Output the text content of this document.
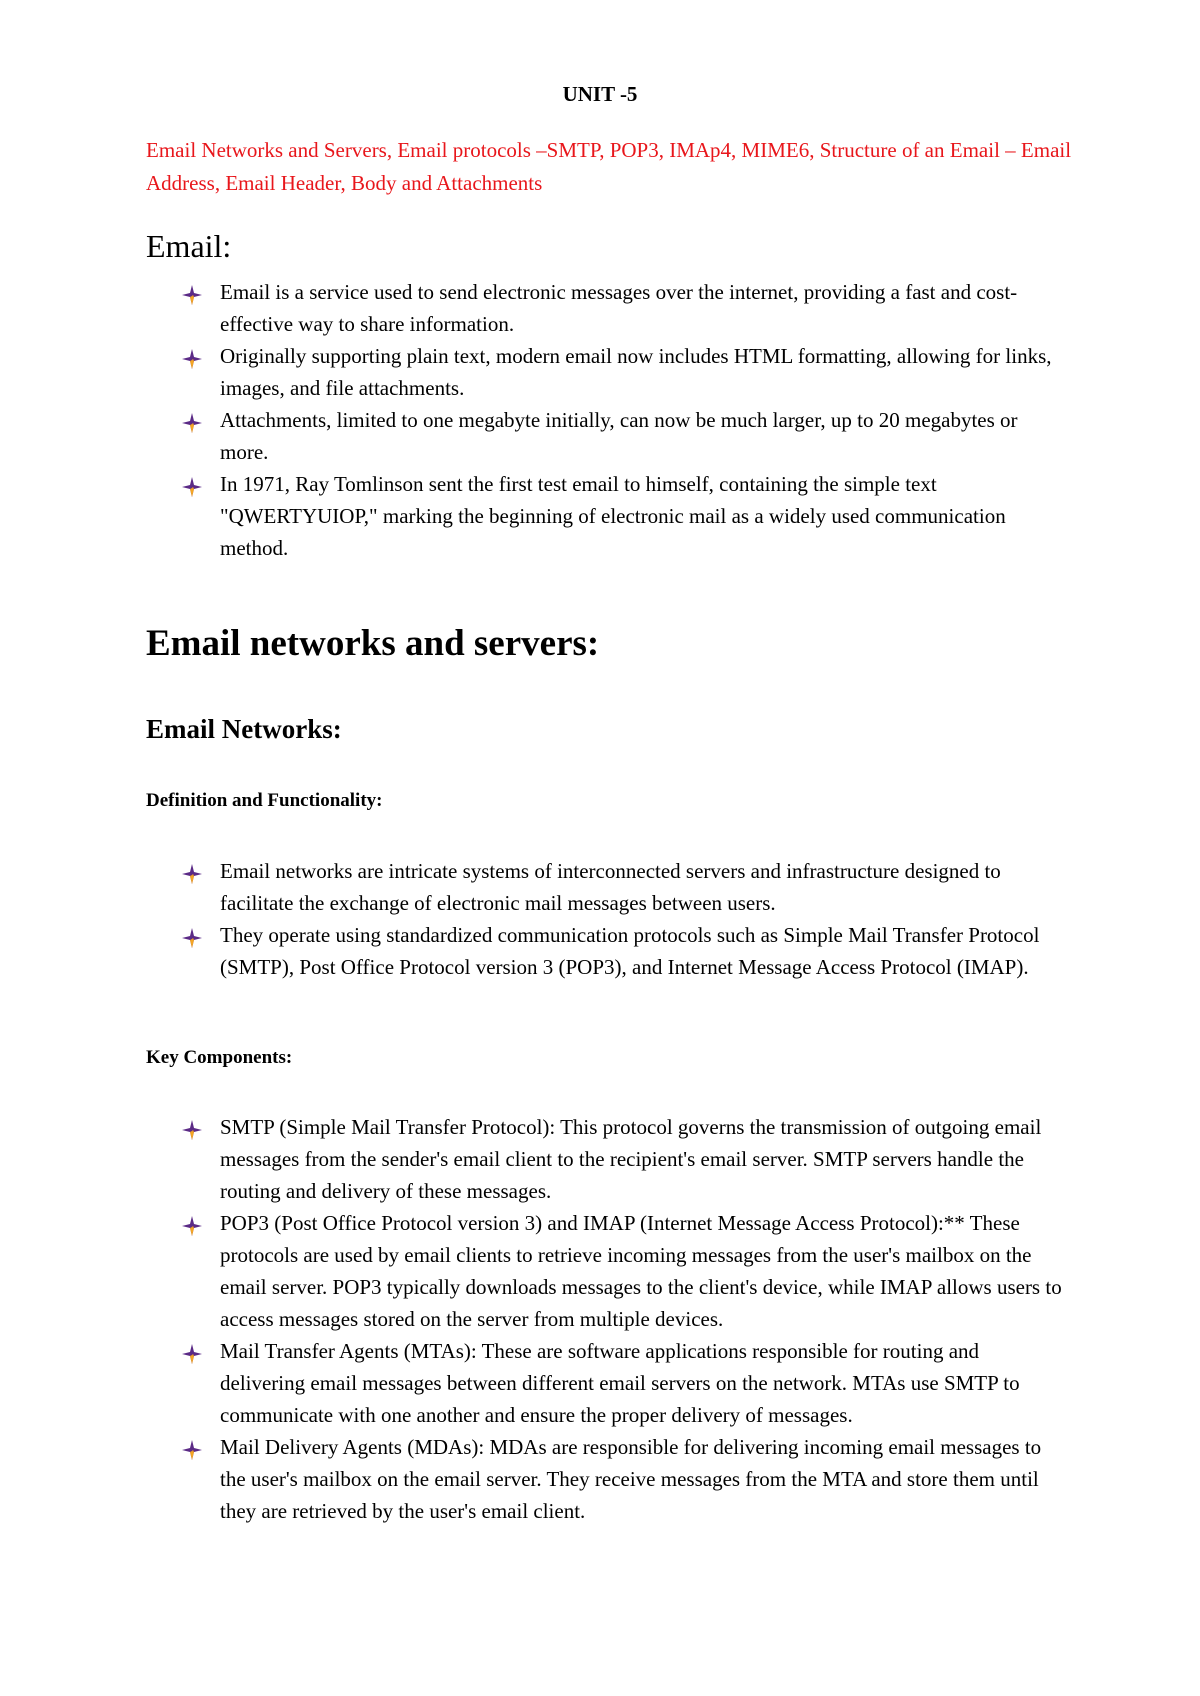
UNIT -5
Email Networks and Servers, Email protocols –SMTP, POP3, IMAp4, MIME6, Structure of an Email – Email Address, Email Header, Body and Attachments
Email:
Email is a service used to send electronic messages over the internet, providing a fast and cost-effective way to share information.
Originally supporting plain text, modern email now includes HTML formatting, allowing for links, images, and file attachments.
Attachments, limited to one megabyte initially, can now be much larger, up to 20 megabytes or more.
In 1971, Ray Tomlinson sent the first test email to himself, containing the simple text "QWERTYUIOP," marking the beginning of electronic mail as a widely used communication method.
Email networks and servers:
Email Networks:
Definition and Functionality:
Email networks are intricate systems of interconnected servers and infrastructure designed to facilitate the exchange of electronic mail messages between users.
They operate using standardized communication protocols such as Simple Mail Transfer Protocol (SMTP), Post Office Protocol version 3 (POP3), and Internet Message Access Protocol (IMAP).
Key Components:
SMTP (Simple Mail Transfer Protocol): This protocol governs the transmission of outgoing email messages from the sender's email client to the recipient's email server. SMTP servers handle the routing and delivery of these messages.
POP3 (Post Office Protocol version 3) and IMAP (Internet Message Access Protocol):** These protocols are used by email clients to retrieve incoming messages from the user's mailbox on the email server. POP3 typically downloads messages to the client's device, while IMAP allows users to access messages stored on the server from multiple devices.
Mail Transfer Agents (MTAs): These are software applications responsible for routing and delivering email messages between different email servers on the network. MTAs use SMTP to communicate with one another and ensure the proper delivery of messages.
Mail Delivery Agents (MDAs): MDAs are responsible for delivering incoming email messages to the user's mailbox on the email server. They receive messages from the MTA and store them until they are retrieved by the user's email client.
